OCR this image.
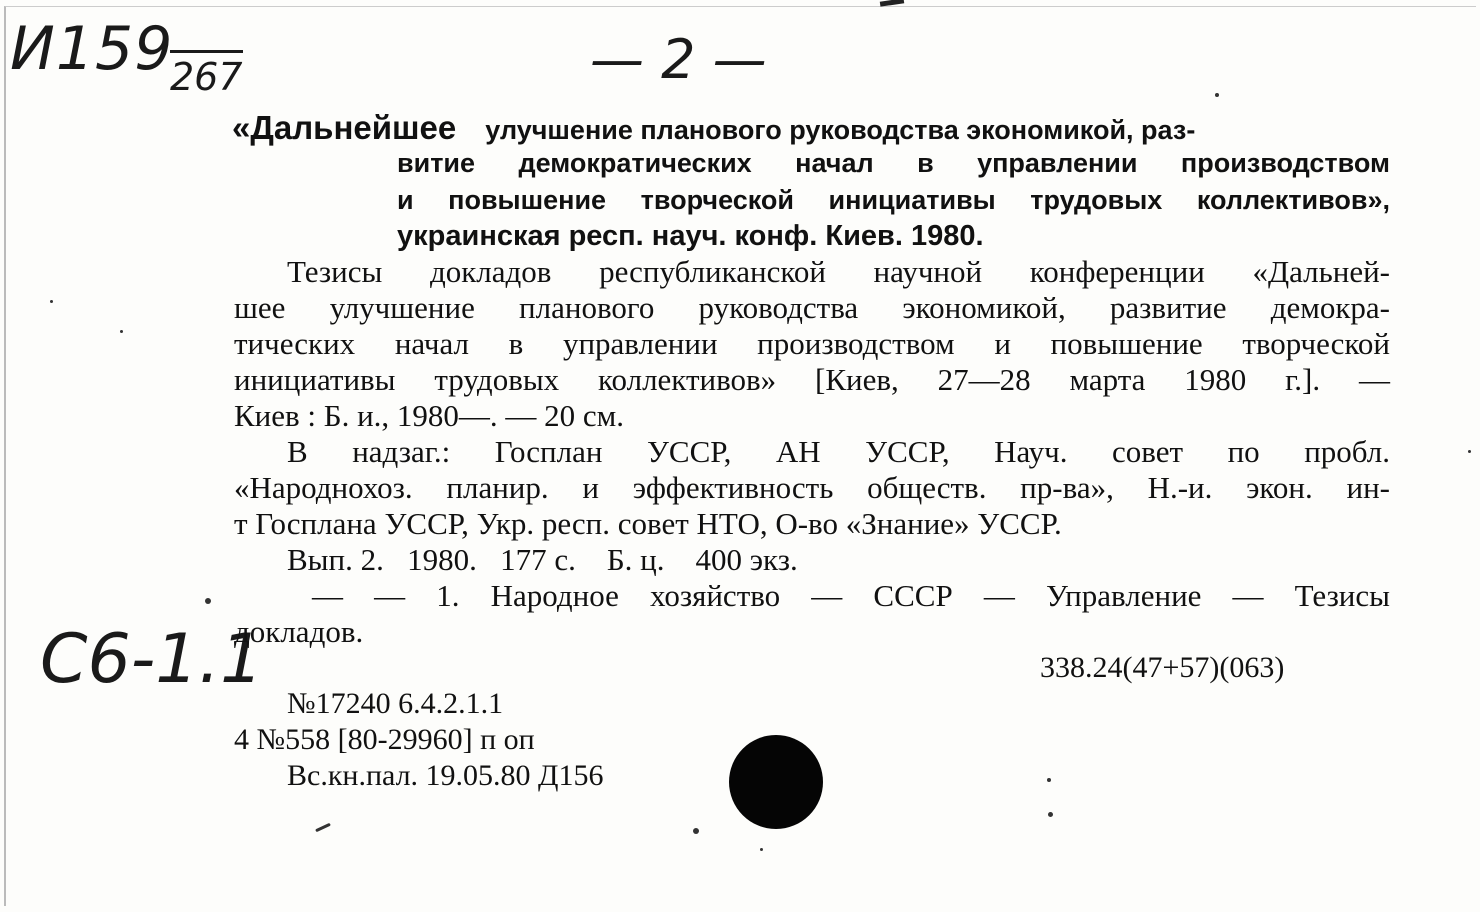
И159
267	— 2 —
С6-1.1
«Дальнейшее улучшение планового руководства экономикой, раз-
витие демократических начал в управлении производством
и повышение творческой инициативы трудовых коллективов»,
украинская респ. науч. конф. Киев. 1980.
Тезисы докладов республиканской научной конференции «Дальней-
шее улучшение планового руководства экономикой, развитие демокра-
тических начал в управлении производством и повышение творческой
инициативы трудовых коллективов» [Киев, 27—28 марта 1980 г.]. —
Киев : Б. и., 1980—. — 20 см.
В надзаг.: Госплан УССР, АН УССР, Науч. совет по пробл.
«Народнохоз. планир. и эффективность обществ. пр-ва», Н.-и. экон. ин-
т Госплана УССР, Укр. респ. совет НТО, О-во «Знание» УССР.
Вып. 2.   1980.   177 с.    Б. ц.    400 экз.
— — 1. Народное хозяйство — СССР — Управление — Тезисы
докладов.
338.24(47+57)(063)
№17240 6.4.2.1.1
4 №558 [80-29960] п оп
Вс.кн.пал. 19.05.80 Д156
